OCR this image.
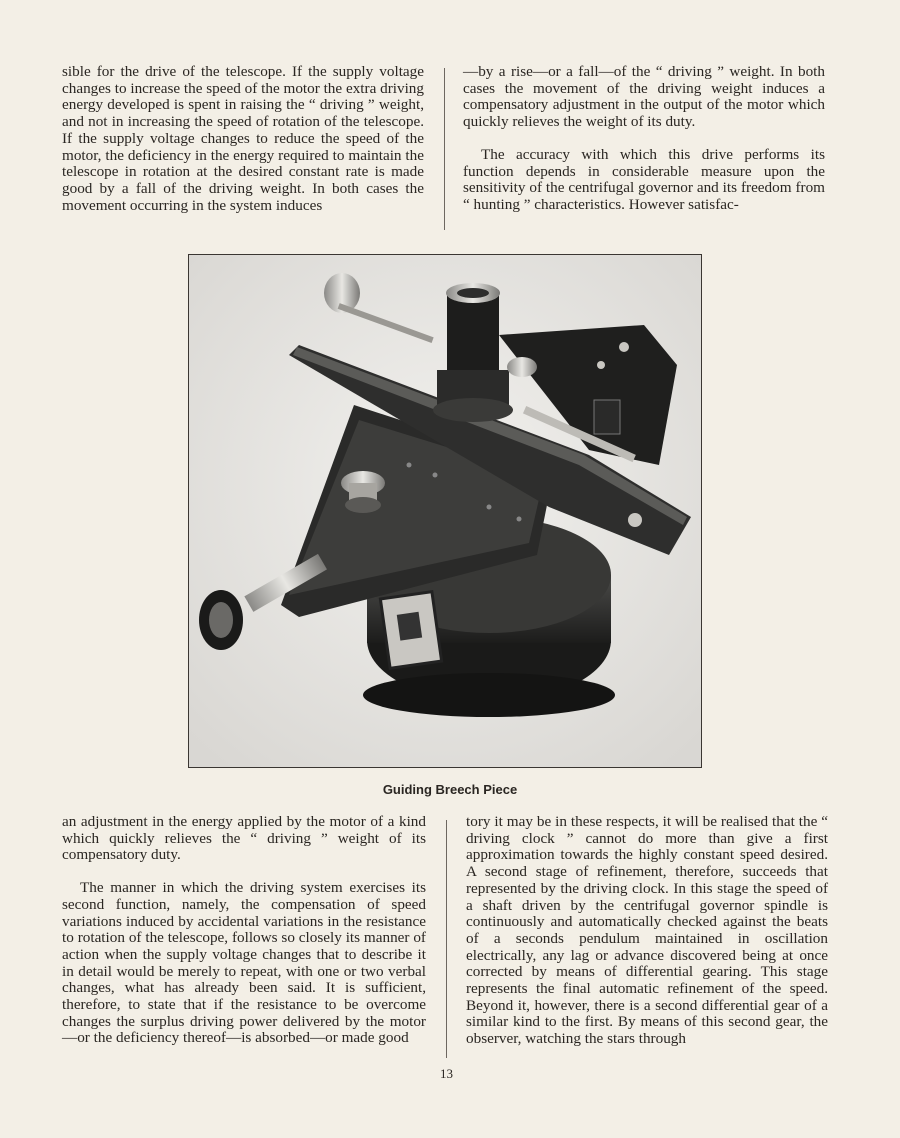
sible for the drive of the telescope. If the supply voltage changes to increase the speed of the motor the extra driving energy developed is spent in raising the “ driving ” weight, and not in increasing the speed of rotation of the telescope. If the supply voltage changes to reduce the speed of the motor, the deficiency in the energy required to maintain the telescope in rotation at the desired constant rate is made good by a fall of the driving weight. In both cases the movement occurring in the system induces

—by a rise—or a fall—of the “ driving ” weight. In both cases the movement of the driving weight induces a compensatory adjustment in the output of the motor which quickly relieves the weight of its duty.

The accuracy with which this drive performs its function depends in considerable measure upon the sensitivity of the centrifugal governor and its freedom from “ hunting ” characteristics. However satisfac-

Guiding Breech Piece

an adjustment in the energy applied by the motor of a kind which quickly relieves the “ driving ” weight of its compensatory duty.

The manner in which the driving system exercises its second function, namely, the compensation of speed variations induced by accidental variations in the resistance to rotation of the telescope, follows so closely its manner of action when the supply voltage changes that to describe it in detail would be merely to repeat, with one or two verbal changes, what has already been said. It is sufficient, therefore, to state that if the resistance to be overcome changes the surplus driving power delivered by the motor—or the deficiency thereof—is absorbed—or made good

tory it may be in these respects, it will be realised that the “ driving clock ” cannot do more than give a first approximation towards the highly constant speed desired. A second stage of refinement, therefore, succeeds that represented by the driving clock. In this stage the speed of a shaft driven by the centrifugal governor spindle is continuously and automatically checked against the beats of a seconds pendulum maintained in oscillation electrically, any lag or advance discovered being at once corrected by means of differential gearing. This stage represents the final automatic refinement of the speed. Beyond it, however, there is a second differential gear of a similar kind to the first. By means of this second gear, the observer, watching the stars through

13
